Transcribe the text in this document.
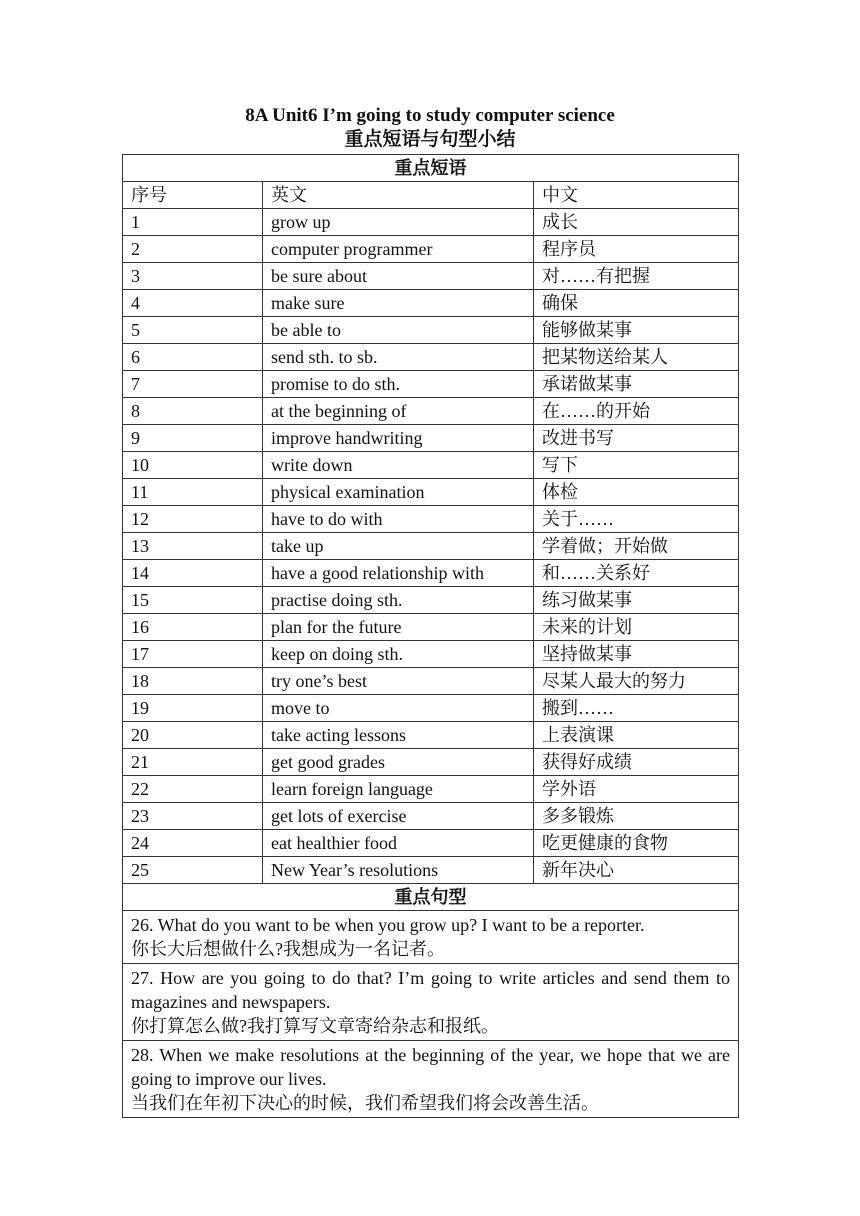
8A Unit6 I’m going to study computer science
重点短语与句型小结
重点短语		
序号	英文	中文
1	grow up	成长
2	computer programmer	程序员
3	be sure about	对……有把握
4	make sure	确保
5	be able to	能够做某事
6	send sth. to sb.	把某物送给某人
7	promise to do sth.	承诺做某事
8	at the beginning of	在……的开始
9	improve handwriting	改进书写
10	write down	写下
11	physical examination	体检
12	have to do with	关于……
13	take up	学着做；开始做
14	have a good relationship with	和……关系好
15	practise doing sth.	练习做某事
16	plan for the future	未来的计划
17	keep on doing sth.	坚持做某事
18	try one’s best	尽某人最大的努力
19	move to	搬到……
20	take acting lessons	上表演课
21	get good grades	获得好成绩
22	learn foreign language	学外语
23	get lots of exercise	多多锻炼
24	eat healthier food	吃更健康的食物
25	New Year’s resolutions	新年决心
重点句型		

26. What do you want to be when you grow up? I want to be a reporter.
你长大后想做什么?我想成为一名记者。		

27. How are you going to do that? I’m going to write articles and send them to magazines and newspapers.
你打算怎么做?我打算写文章寄给杂志和报纸。		

28. When we make resolutions at the beginning of the year, we hope that we are going to improve our lives.
当我们在年初下决心的时候，我们希望我们将会改善生活。		
